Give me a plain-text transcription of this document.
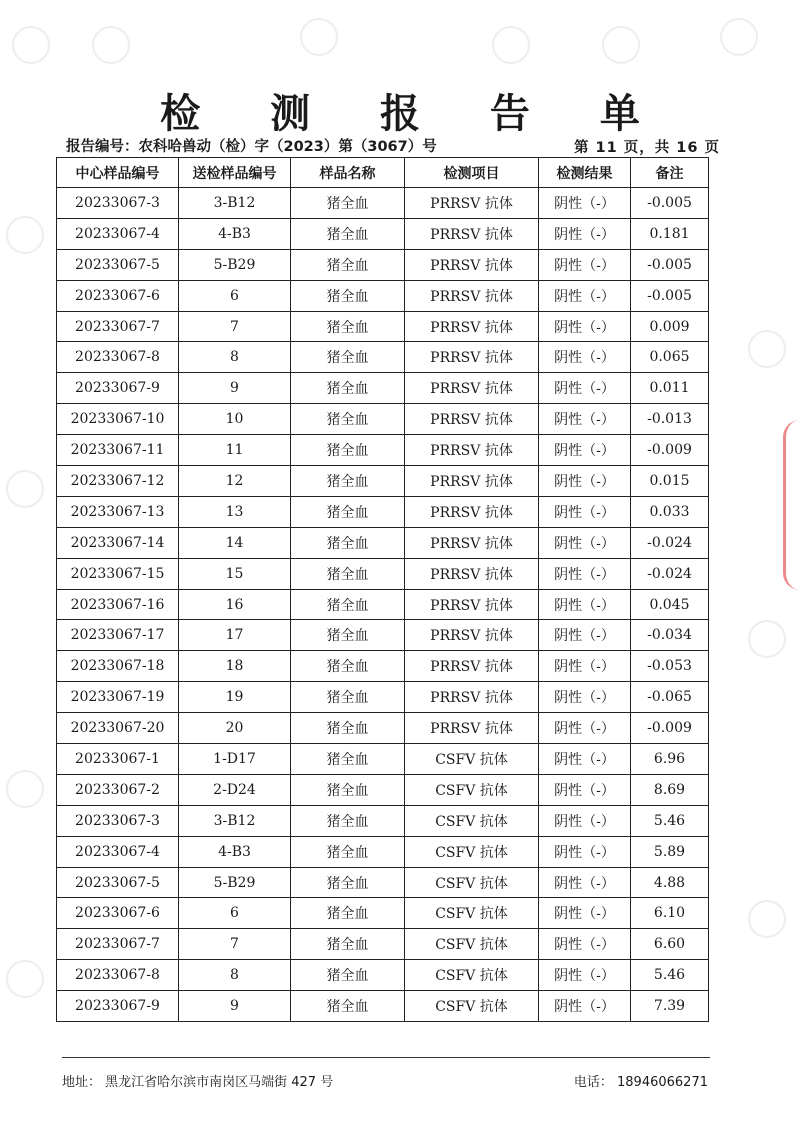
检 测 报 告 单
报告编号：农科哈兽动（检）字（2023）第（3067）号	第 11 页，共 16 页
中心样品编号	送检样品编号	样品名称	检测项目	检测结果	备注
20233067-3	3-B12	猪全血	PRRSV 抗体	阴性（-）	-0.005
20233067-4	4-B3	猪全血	PRRSV 抗体	阴性（-）	0.181
20233067-5	5-B29	猪全血	PRRSV 抗体	阴性（-）	-0.005
20233067-6	6	猪全血	PRRSV 抗体	阴性（-）	-0.005
20233067-7	7	猪全血	PRRSV 抗体	阴性（-）	0.009
20233067-8	8	猪全血	PRRSV 抗体	阴性（-）	0.065
20233067-9	9	猪全血	PRRSV 抗体	阴性（-）	0.011
20233067-10	10	猪全血	PRRSV 抗体	阴性（-）	-0.013
20233067-11	11	猪全血	PRRSV 抗体	阴性（-）	-0.009
20233067-12	12	猪全血	PRRSV 抗体	阴性（-）	0.015
20233067-13	13	猪全血	PRRSV 抗体	阴性（-）	0.033
20233067-14	14	猪全血	PRRSV 抗体	阴性（-）	-0.024
20233067-15	15	猪全血	PRRSV 抗体	阴性（-）	-0.024
20233067-16	16	猪全血	PRRSV 抗体	阴性（-）	0.045
20233067-17	17	猪全血	PRRSV 抗体	阴性（-）	-0.034
20233067-18	18	猪全血	PRRSV 抗体	阴性（-）	-0.053
20233067-19	19	猪全血	PRRSV 抗体	阴性（-）	-0.065
20233067-20	20	猪全血	PRRSV 抗体	阴性（-）	-0.009
20233067-1	1-D17	猪全血	CSFV 抗体	阴性（-）	6.96
20233067-2	2-D24	猪全血	CSFV 抗体	阴性（-）	8.69
20233067-3	3-B12	猪全血	CSFV 抗体	阴性（-）	5.46
20233067-4	4-B3	猪全血	CSFV 抗体	阴性（-）	5.89
20233067-5	5-B29	猪全血	CSFV 抗体	阴性（-）	4.88
20233067-6	6	猪全血	CSFV 抗体	阴性（-）	6.10
20233067-7	7	猪全血	CSFV 抗体	阴性（-）	6.60
20233067-8	8	猪全血	CSFV 抗体	阴性（-）	5.46
20233067-9	9	猪全血	CSFV 抗体	阴性（-）	7.39
地址： 黑龙江省哈尔滨市南岗区马端街 427 号	电话： 18946066271
